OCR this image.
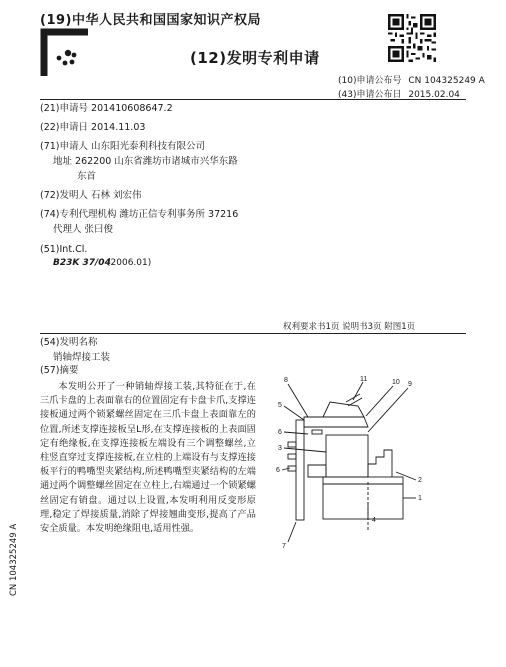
(19)中华人民共和国国家知识产权局
(12)发明专利申请
(10)申请公布号 CN 104325249 A
(43)申请公布日 2015.02.04
(21)申请号 201410608647.2
(22)申请日 2014.11.03
(71)申请人 山东阳光泰利科技有限公司
地址 262200 山东省潍坊市诸城市兴华东路
东首
(72)发明人 石林 刘宏伟
(74)专利代理机构 潍坊正信专利事务所 37216
代理人 张曰俊
(51)Int.Cl.
B23K 37/04
(2006.01)
权利要求书1页 说明书3页 附图1页
(54)发明名称
销轴焊接工装
(57)摘要
本发明公开了一种销轴焊接工装,其特征在于,在三爪卡盘的上表面靠右的位置固定有卡盘卡爪,支撑连接板通过两个锁紧螺丝固定在三爪卡盘上表面靠左的位置,所述支撑连接板呈L形,在支撑连接板的上表面固定有绝缘板,在支撑连接板左端设有三个调整螺丝,立柱竖直穿过支撑连接板,在立柱的上端设有与支撑连接板平行的鸭嘴型夹紧结构,所述鸭嘴型夹紧结构的左端通过两个调整螺丝固定在立柱上,右端通过一个锁紧螺丝固定有销盘。通过以上设置,本发明利用反变形原理,稳定了焊接质量,消除了焊接翘曲变形,提高了产品安全质量。本发明绝缘阻电,适用性强。
CN 104325249 A
8	11	10 9
5
6
3
6
7
4
2
1
